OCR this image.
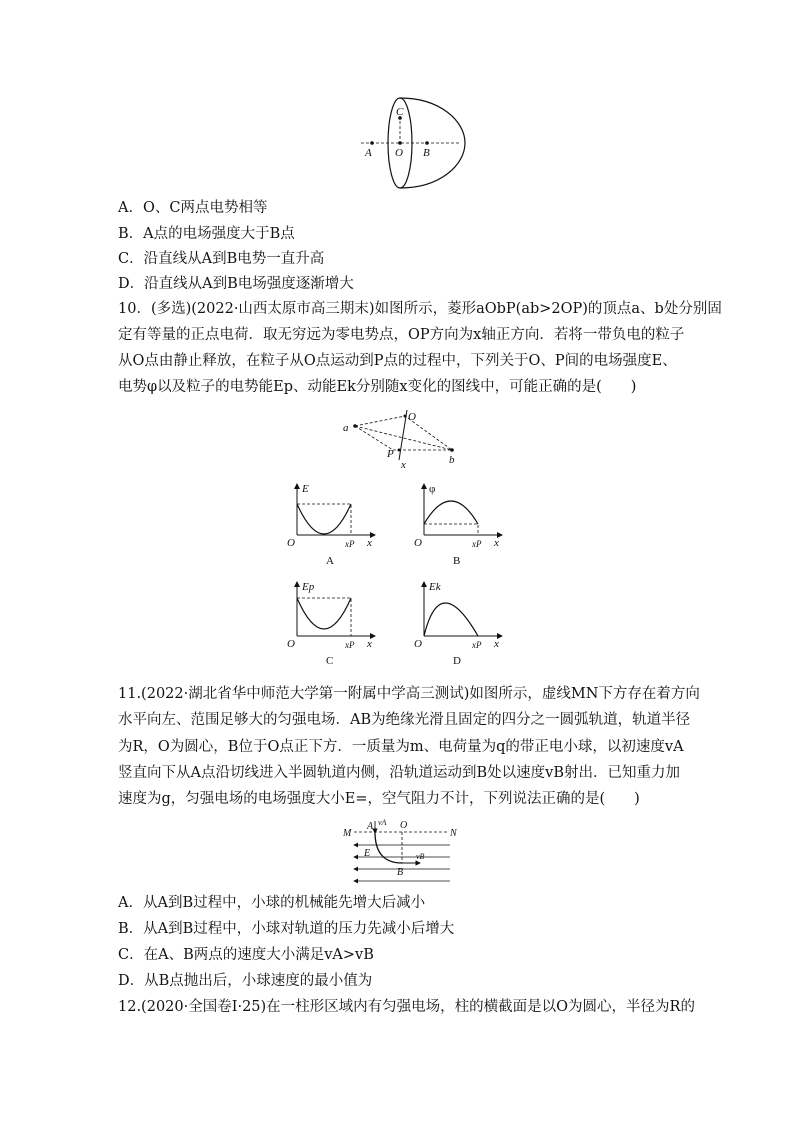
A O B
C
A．O、C两点电势相等
B．A点的电场强度大于B点
C．沿直线从A到B电势一直升高
D．沿直线从A到B电场强度逐渐增大
10．(多选)(2022·山西太原市高三期末)如图所示，菱形aObP(ab>2OP)的顶点a、b处分别固
定有等量的正点电荷．取无穷远为零电势点，OP方向为x轴正方向．若将一带负电的粒子
从O点由静止释放，在粒子从O点运动到P点的过程中，下列关于O、P间的电场强度E、
电势φ以及粒子的电势能Ep、动能Ek分别随x变化的图线中，可能正确的是(　　)
a
O
P	b
x
E
O	xP x
A
φ
O	xP x
B
Ep
O	xP x
C
Ek
O	xP x
D
11.(2022·湖北省华中师范大学第一附属中学高三测试)如图所示，虚线MN下方存在着方向
水平向左、范围足够大的匀强电场．AB为绝缘光滑且固定的四分之一圆弧轨道，轨道半径
为R，O为圆心，B位于O点正下方．一质量为m、电荷量为q的带正电小球，以初速度vA
竖直向下从A点沿切线进入半圆轨道内侧，沿轨道运动到B处以速度vB射出．已知重力加
速度为g，匀强电场的电场强度大小E=，空气阻力不计，下列说法正确的是(　　)
M
A vA O
N
E
B
vB
A．从A到B过程中，小球的机械能先增大后减小
B．从A到B过程中，小球对轨道的压力先减小后增大
C．在A、B两点的速度大小满足vA>vB
D．从B点抛出后，小球速度的最小值为
12.(2020·全国卷Ⅰ·25)在一柱形区域内有匀强电场，柱的横截面是以O为圆心，半径为R的
